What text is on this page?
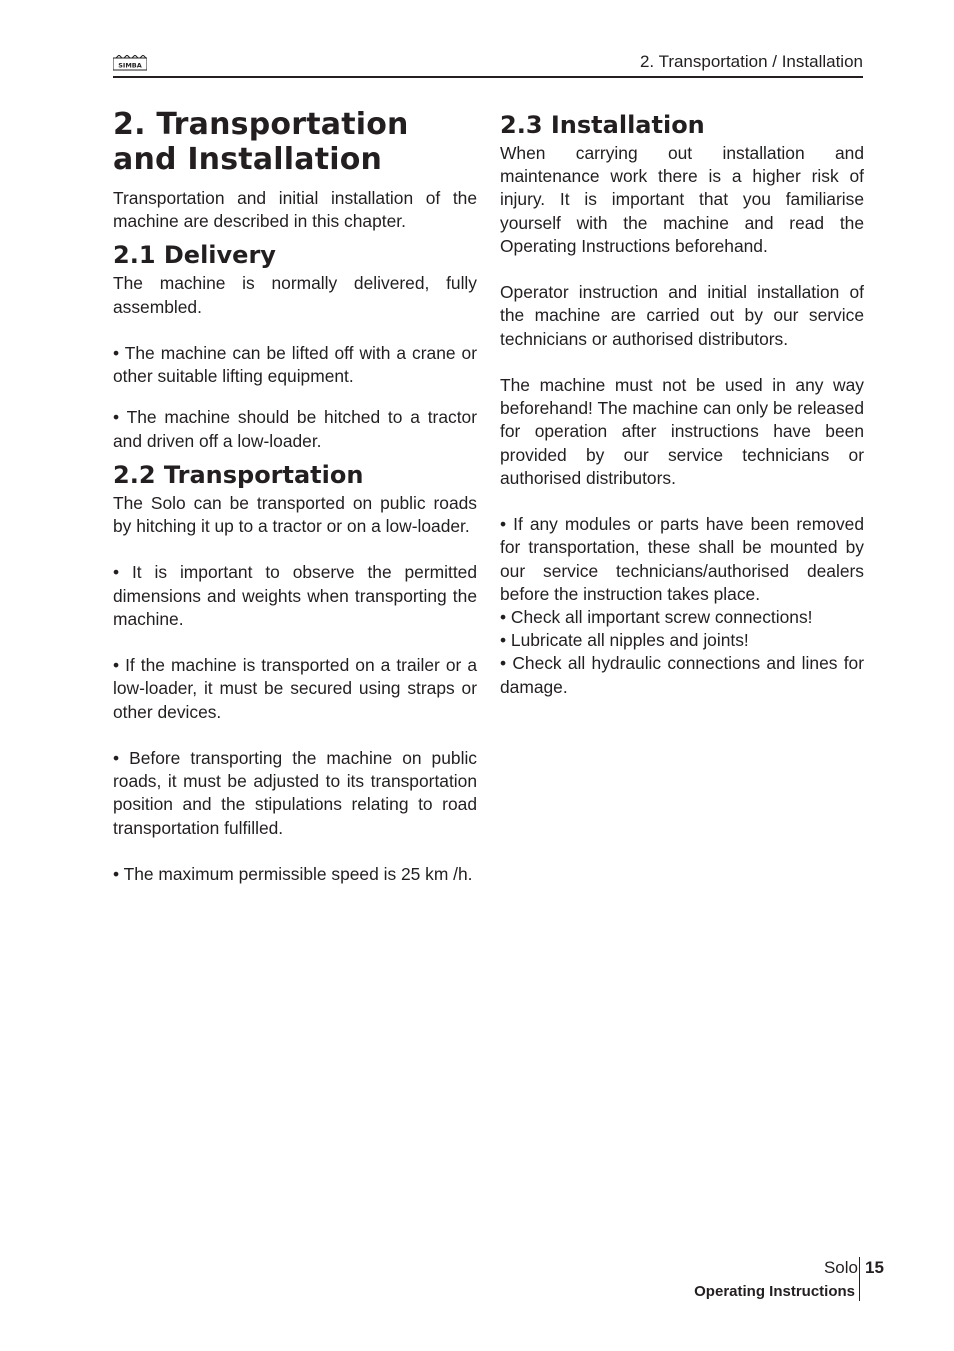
SIMBA	2. Transportation / Installation
2. Transportation and Installation

Transportation and initial installation of the machine are described in this chapter.

2.1 Delivery

The machine is normally delivered, fully assembled.

• The machine can be lifted off with a crane or other suitable lifting equipment.

• The machine should be hitched to a tractor and driven off a low-loader.

2.2 Transportation

The Solo can be transported on public roads by hitching it up to a tractor or on a low-loader.

• It is important to observe the permitted dimensions and weights when transporting the machine.

• If the machine is transported on a trailer or a low-loader, it must be secured using straps or other devices.

• Before transporting the machine on public roads, it must be adjusted to its transportation position and the stipulations relating to road transportation fulfilled.

• The maximum permissible speed is 25 km /h.

2.3 Installation

When carrying out installation and maintenance work there is a higher risk of injury. It is important that you familiarise yourself with the machine and read the Operating Instructions beforehand.

Operator instruction and initial installation of the machine are carried out by our service technicians or authorised distributors.

The machine must not be used in any way beforehand! The machine can only be released for operation after instructions have been provided by our service technicians or authorised distributors.

• If any modules or parts have been removed for transportation, these shall be mounted by our service technicians/authorised dealers before the instruction takes place.

• Check all important screw connections!

• Lubricate all nipples and joints!

• Check all hydraulic connections and lines for damage.

Solo 15
Operating Instructions
